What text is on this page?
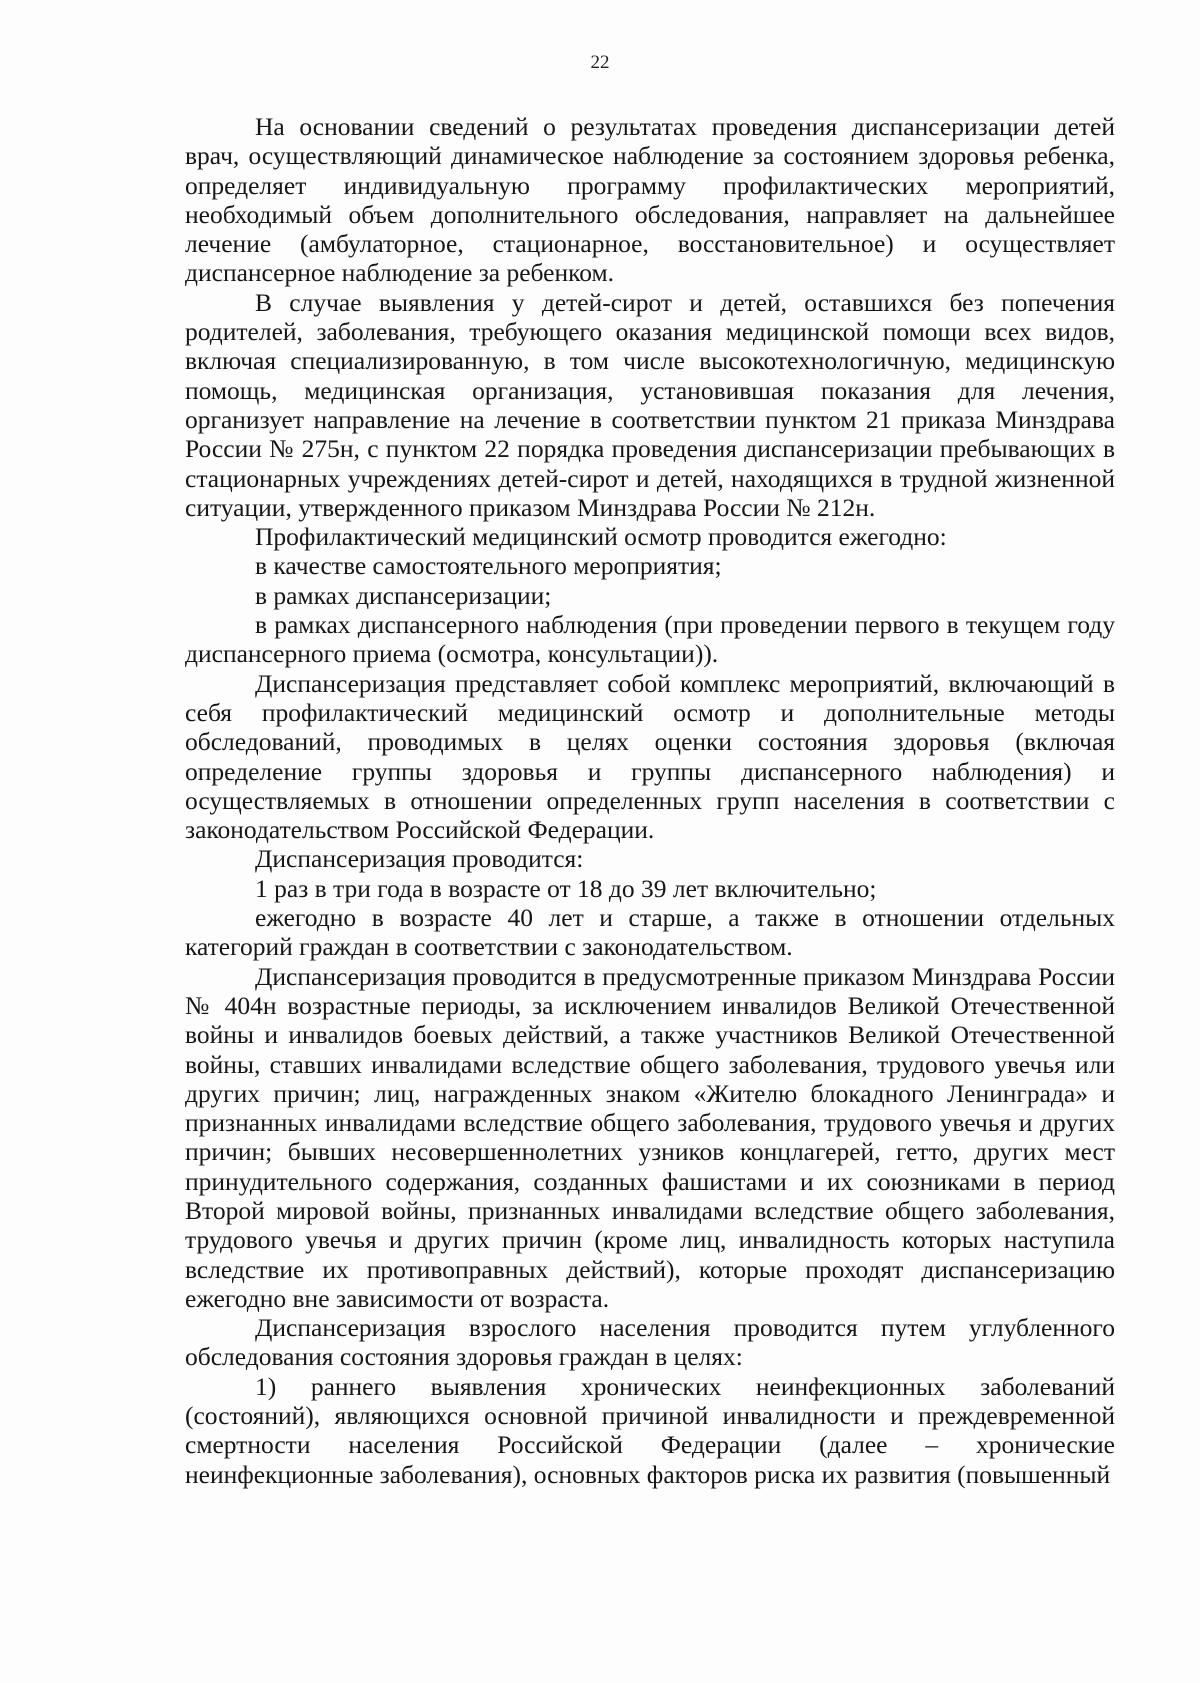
22

На основании сведений о результатах проведения диспансеризации детей врач, осуществляющий динамическое наблюдение за состоянием здоровья ребенка, определяет индивидуальную программу профилактических мероприятий, необходимый объем дополнительного обследования, направляет на дальнейшее лечение (амбулаторное, стационарное, восстановительное) и осуществляет диспансерное наблюдение за ребенком.

В случае выявления у детей-сирот и детей, оставшихся без попечения родителей, заболевания, требующего оказания медицинской помощи всех видов, включая специализированную, в том числе высокотехнологичную, медицинскую помощь, медицинская организация, установившая показания для лечения, организует направление на лечение в соответствии пунктом 21 приказа Минздрава России № 275н, с пунктом 22 порядка проведения диспансеризации пребывающих в стационарных учреждениях детей-сирот и детей, находящихся в трудной жизненной ситуации, утвержденного приказом Минздрава России № 212н.

Профилактический медицинский осмотр проводится ежегодно:

в качестве самостоятельного мероприятия;

в рамках диспансеризации;

в рамках диспансерного наблюдения (при проведении первого в текущем году диспансерного приема (осмотра, консультации)).

Диспансеризация представляет собой комплекс мероприятий, включающий в себя профилактический медицинский осмотр и дополнительные методы обследований, проводимых в целях оценки состояния здоровья (включая определение группы здоровья и группы диспансерного наблюдения) и осуществляемых в отношении определенных групп населения в соответствии с законодательством Российской Федерации.

Диспансеризация проводится:

1 раз в три года в возрасте от 18 до 39 лет включительно;

ежегодно в возрасте 40 лет и старше, а также в отношении отдельных категорий граждан в соответствии с законодательством.

Диспансеризация проводится в предусмотренные приказом Минздрава России № 404н возрастные периоды, за исключением инвалидов Великой Отечественной войны и инвалидов боевых действий, а также участников Великой Отечественной войны, ставших инвалидами вследствие общего заболевания, трудового увечья или других причин; лиц, награжденных знаком «Жителю блокадного Ленинграда» и признанных инвалидами вследствие общего заболевания, трудового увечья и других причин; бывших несовершеннолетних узников концлагерей, гетто, других мест принудительного содержания, созданных фашистами и их союзниками в период Второй мировой войны, признанных инвалидами вследствие общего заболевания, трудового увечья и других причин (кроме лиц, инвалидность которых наступила вследствие их противоправных действий), которые проходят диспансеризацию ежегодно вне зависимости от возраста.

Диспансеризация взрослого населения проводится путем углубленного обследования состояния здоровья граждан в целях:

1) раннего выявления хронических неинфекционных заболеваний (состояний), являющихся основной причиной инвалидности и преждевременной смертности населения Российской Федерации (далее – хронические неинфекционные заболевания), основных факторов риска их развития (повышенный
